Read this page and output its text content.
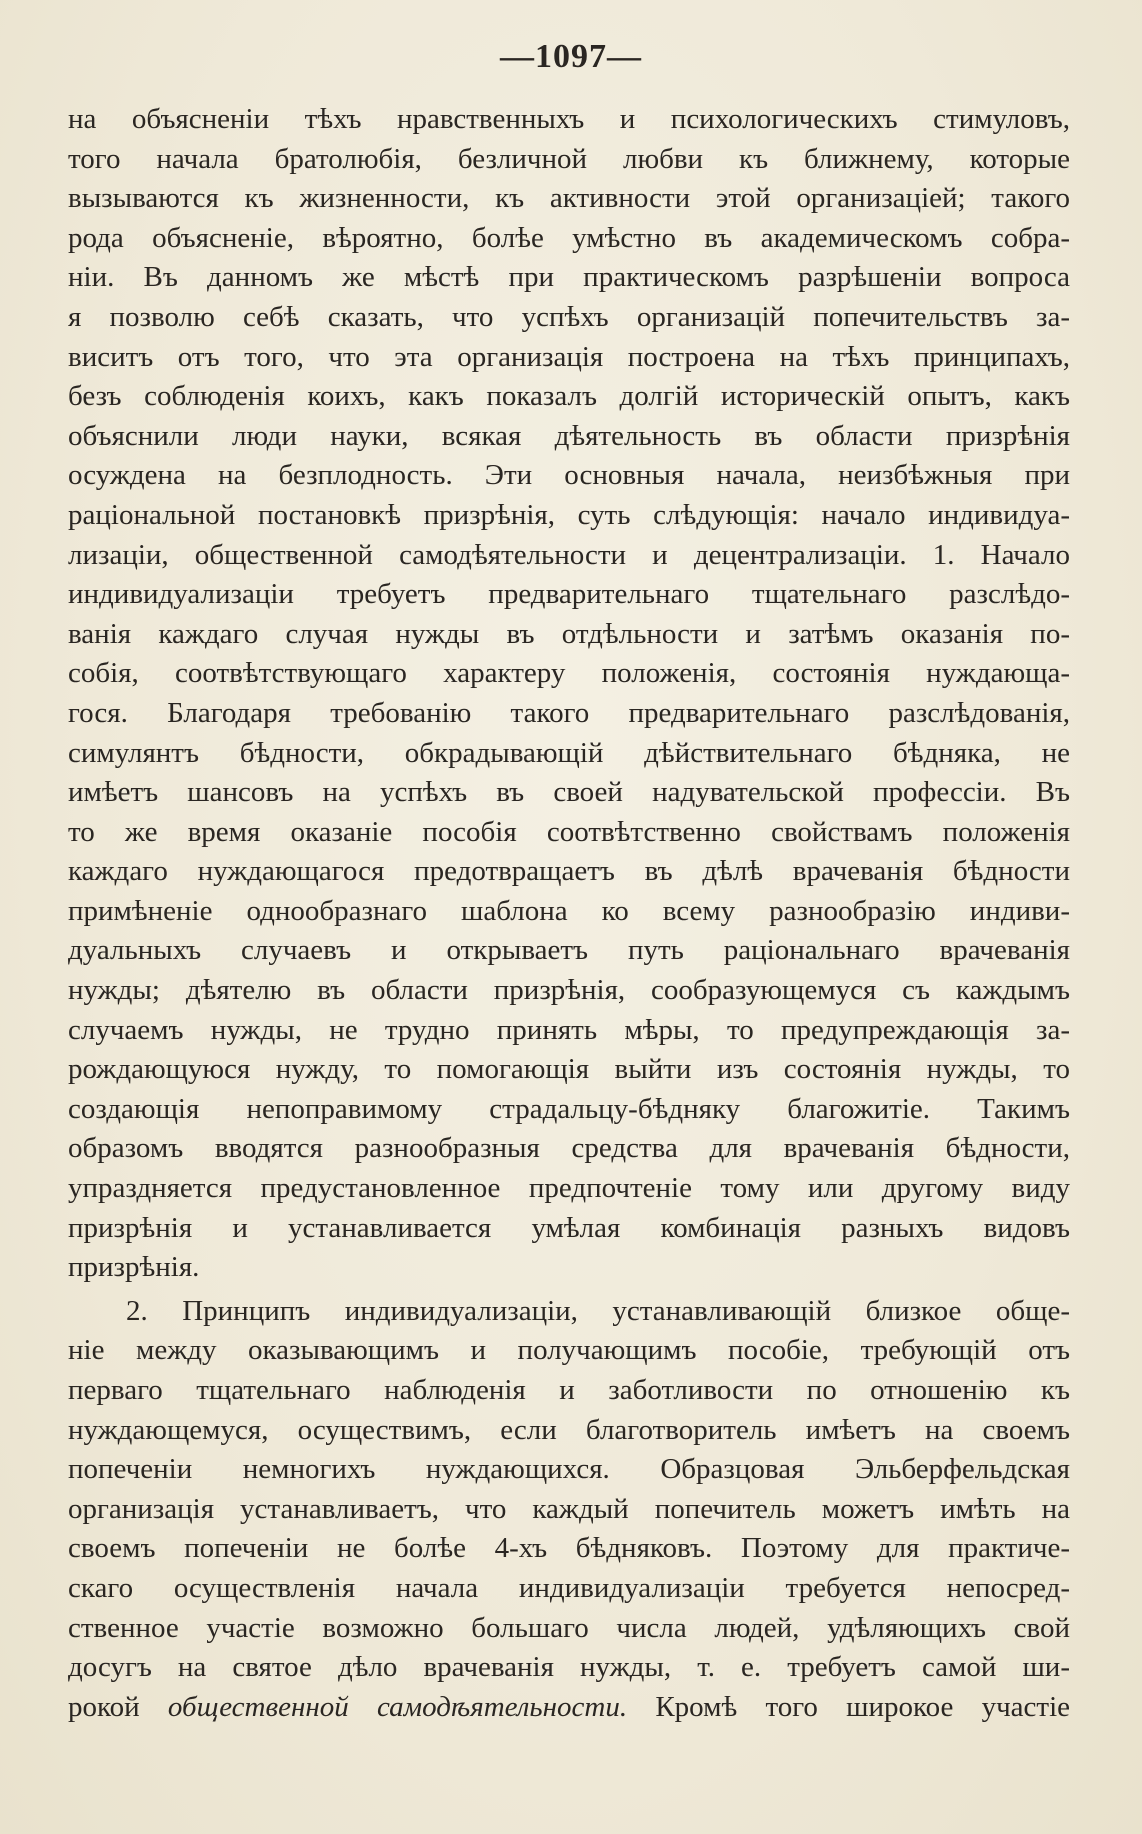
—1097—
на объясненіи тѣхъ нравственныхъ и психологическихъ стимуловъ,
того начала братолюбія, безличной любви къ ближнему, которые
вызываются къ жизненности, къ активности этой организаціей; такого
рода объясненіе, вѣроятно, болѣе умѣстно въ академическомъ собра-
ніи. Въ данномъ же мѣстѣ при практическомъ разрѣшеніи вопроса
я позволю себѣ сказать, что успѣхъ организацій попечительствъ за-
виситъ отъ того, что эта организація построена на тѣхъ принципахъ,
безъ соблюденія коихъ, какъ показалъ долгій историческій опытъ, какъ
объяснили люди науки, всякая дѣятельность въ области призрѣнія
осуждена на безплодность. Эти основныя начала, неизбѣжныя при
раціональной постановкѣ призрѣнія, суть слѣдующія: начало индивидуа-
лизаціи, общественной самодѣятельности и децентрализаціи. 1. Начало
индивидуализаціи требуетъ предварительнаго тщательнаго разслѣдо-
ванія каждаго случая нужды въ отдѣльности и затѣмъ оказанія по-
собія, соотвѣтствующаго характеру положенія, состоянія нуждающа-
гося. Благодаря требованію такого предварительнаго разслѣдованія,
симулянтъ бѣдности, обкрадывающій дѣйствительнаго бѣдняка, не
имѣетъ шансовъ на успѣхъ въ своей надувательской профессіи. Въ
то же время оказаніе пособія соотвѣтственно свойствамъ положенія
каждаго нуждающагося предотвращаетъ въ дѣлѣ врачеванія бѣдности
примѣненіе однообразнаго шаблона ко всему разнообразію индиви-
дуальныхъ случаевъ и открываетъ путь раціональнаго врачеванія
нужды; дѣятелю въ области призрѣнія, сообразующемуся съ каждымъ
случаемъ нужды, не трудно принять мѣры, то предупреждающія за-
рождающуюся нужду, то помогающія выйти изъ состоянія нужды, то
создающія непоправимому страдальцу-бѣдняку благожитіе. Такимъ
образомъ вводятся разнообразныя средства для врачеванія бѣдности,
упраздняется предустановленное предпочтеніе тому или другому виду
призрѣнія и устанавливается умѣлая комбинація разныхъ видовъ
призрѣнія.
2. Принципъ индивидуализаціи, устанавливающій близкое обще-
ніе между оказывающимъ и получающимъ пособіе, требующій отъ
перваго тщательнаго наблюденія и заботливости по отношенію къ
нуждающемуся, осуществимъ, если благотворитель имѣетъ на своемъ
попеченіи немногихъ нуждающихся. Образцовая Эльберфельдская
организація устанавливаетъ, что каждый попечитель можетъ имѣть на
своемъ попеченіи не болѣе 4-хъ бѣдняковъ. Поэтому для практиче-
скаго осуществленія начала индивидуализаціи требуется непосред-
ственное участіе возможно большаго числа людей, удѣляющихъ свой
досугъ на святое дѣло врачеванія нужды, т. е. требуетъ самой ши-
рокой общественной самодѣятельности. Кромѣ того широкое участіе
